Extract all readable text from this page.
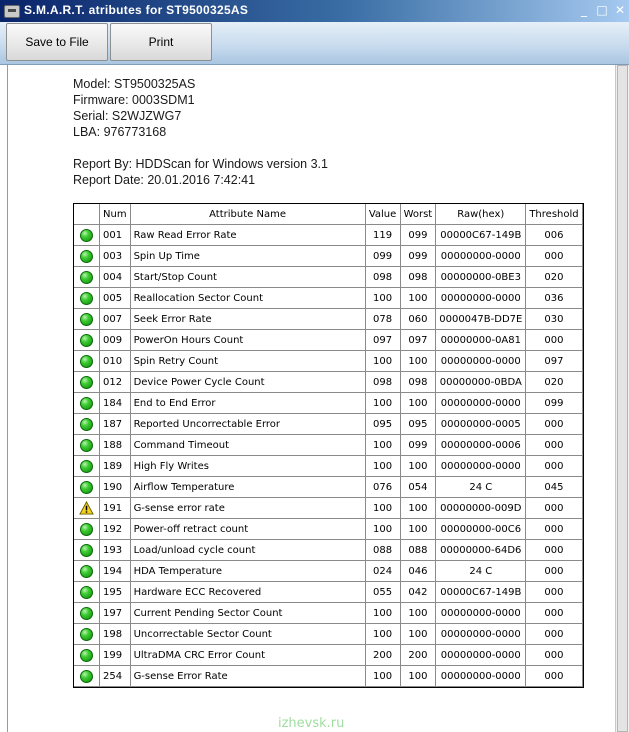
S.M.A.R.T. atributes for ST9500325AS	_ □ ✕
Save to File	Print
Model: ST9500325AS
Firmware: 0003SDM1
Serial: S2WJZWG7
LBA: 976773168
Report By: HDDScan for Windows version 3.1
Report Date: 20.01.2016 7:42:41
	Num	Attribute Name	Value	Worst	Raw(hex)	Threshold
	001	Raw Read Error Rate	119	099	00000C67-149B	006
	003	Spin Up Time	099	099	00000000-0000	000
	004	Start/Stop Count	098	098	00000000-0BE3	020
	005	Reallocation Sector Count	100	100	00000000-0000	036
	007	Seek Error Rate	078	060	0000047B-DD7E	030
	009	PowerOn Hours Count	097	097	00000000-0A81	000
	010	Spin Retry Count	100	100	00000000-0000	097
	012	Device Power Cycle Count	098	098	00000000-0BDA	020
	184	End to End Error	100	100	00000000-0000	099
	187	Reported Uncorrectable Error	095	095	00000000-0005	000
	188	Command Timeout	100	099	00000000-0006	000
	189	High Fly Writes	100	100	00000000-0000	000
	190	Airflow Temperature	076	054	24 C	045
	191	G-sense error rate	100	100	00000000-009D	000
	192	Power-off retract count	100	100	00000000-00C6	000
	193	Load/unload cycle count	088	088	00000000-64D6	000
	194	HDA Temperature	024	046	24 C	000
	195	Hardware ECC Recovered	055	042	00000C67-149B	000
	197	Current Pending Sector Count	100	100	00000000-0000	000
	198	Uncorrectable Sector Count	100	100	00000000-0000	000
	199	UltraDMA CRC Error Count	200	200	00000000-0000	000
	254	G-sense Error Rate	100	100	00000000-0000	000
izhevsk.ru
